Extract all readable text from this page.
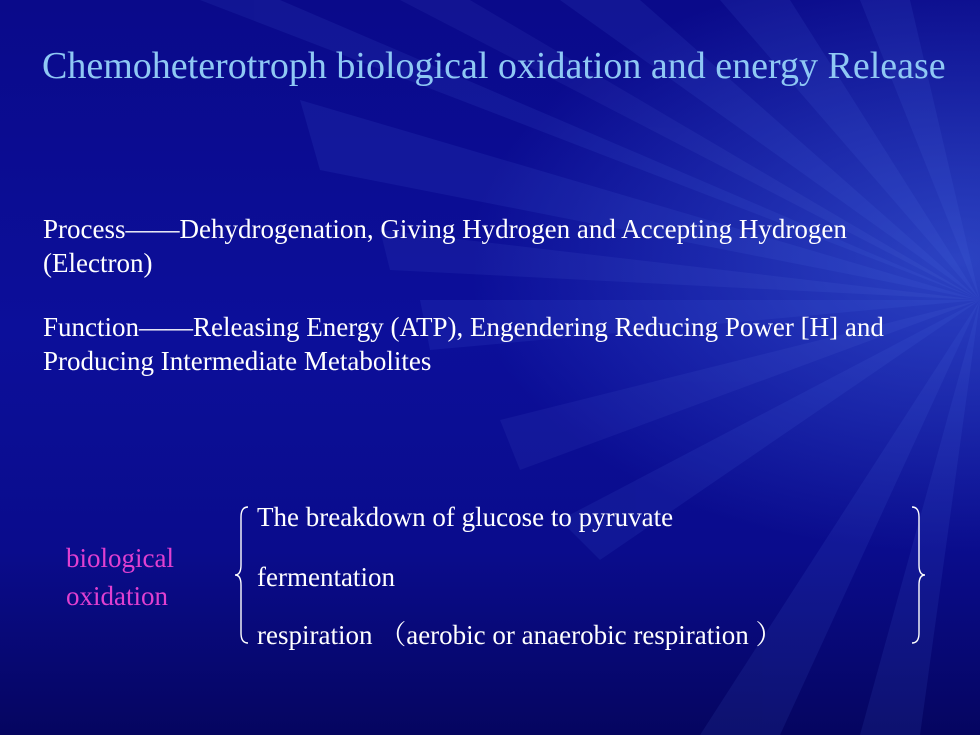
Chemoheterotroph biological oxidation and energy Release

Process——Dehydrogenation, Giving Hydrogen and Accepting Hydrogen (Electron)

Function——Releasing Energy (ATP), Engendering Reducing Power [H] and Producing Intermediate Metabolites

biological
oxidation
The breakdown of glucose to pyruvate
fermentation
respiration （aerobic or anaerobic respiration ）
